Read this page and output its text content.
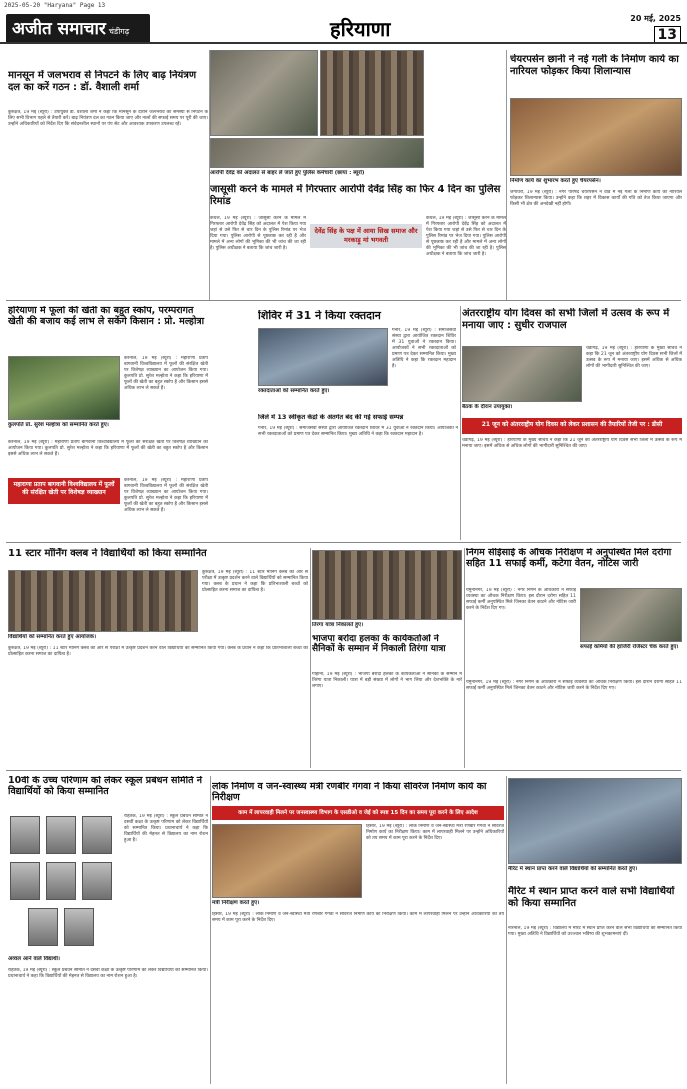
2025-05-20 "Haryana" Page 13
अजीत समाचार चंडीगढ़	हरियाणा	20 मई, 2025
13
मानसून में जलभराव से निपटने के लिए बाढ़ नियंत्रण दल का करें गठन : डॉ. वैशाली शर्मा
कुरुक्षेत्र, 19 मई (ब्यूरो) : उपायुक्त डॉ. वैशाली शर्मा ने कहा कि मानसून के दौरान जलभराव की समस्या से निपटने के लिए सभी विभाग पहले से तैयारी करें। बाढ़ नियंत्रण दल का गठन किया जाए और नालों की सफाई समय पर पूरी की जाए। उन्होंने अधिकारियों को निर्देश दिए कि संवेदनशील स्थानों पर पंप सेट और आवश्यक उपकरण उपलब्ध रहें।
आरोपी देवेंद्र को अदालत से बाहर ले जाते हुए पुलिस कर्मचारी (छाया : ब्यूरो)
चेयरपर्सन छानी ने नई गली के निर्माण कार्य का नारियल फोड़कर किया शिलान्यास
निर्माण कार्य का शुभारंभ करते हुए चेयरपर्सन।
जगाधरी, 19 मई (ब्यूरो) : नगर परिषद चेयरपर्सन ने वार्ड में नई गली के निर्माण कार्य का नारियल फोड़कर शिलान्यास किया। उन्होंने कहा कि शहर में विकास कार्यों की गति को तेज किया जाएगा और किसी भी क्षेत्र की अनदेखी नहीं होगी।
जासूसी करने के मामले में गिरफ्तार आरोपी देवेंद्र सिंह का फिर 4 दिन का पुलिस रिमांड
कैथल, 19 मई (ब्यूरो) : जासूसी करने के मामले में गिरफ्तार आरोपी देवेंद्र सिंह को अदालत में पेश किया गया जहां से उसे फिर से चार दिन के पुलिस रिमांड पर भेज दिया गया। पुलिस आरोपी से पूछताछ कर रही है और मामले में अन्य लोगों की भूमिका की भी जांच की जा रही है। पुलिस अधीक्षक ने बताया कि जांच जारी है।
देवेंद्र सिंह के पक्ष में आया सिख समाज और मरकाड़ू मां भगवती
कैथल, 19 मई (ब्यूरो) : जासूसी करने के मामले में गिरफ्तार आरोपी देवेंद्र सिंह को अदालत में पेश किया गया जहां से उसे फिर से चार दिन के पुलिस रिमांड पर भेज दिया गया। पुलिस आरोपी से पूछताछ कर रही है और मामले में अन्य लोगों की भूमिका की भी जांच की जा रही है। पुलिस अधीक्षक ने बताया कि जांच जारी है।
हरियाणा में फूलों की खेती का बहुत स्कोप, परम्परागत खेती की बजाय कई लाभ ले सकेंगे किसान : प्रो. मल्होत्रा
करनाल, 19 मई (ब्यूरो) : महाराणा प्रताप बागवानी विश्वविद्यालय में फूलों की संरक्षित खेती पर विशेषज्ञ व्याख्यान का आयोजन किया गया। कुलपति प्रो. सुरेश मल्होत्रा ने कहा कि हरियाणा में फूलों की खेती का बहुत स्कोप है और किसान इससे अधिक लाभ ले सकते हैं।
कुलपति प्रो. सुरेश मल्होत्रा को सम्मानित करते हुए।
महाराणा प्रताप बागवानी विश्वविद्यालय में फूलों की संरक्षित खेती पर विशेषज्ञ व्याख्यान
करनाल, 19 मई (ब्यूरो) : महाराणा प्रताप बागवानी विश्वविद्यालय में फूलों की संरक्षित खेती पर विशेषज्ञ व्याख्यान का आयोजन किया गया। कुलपति प्रो. सुरेश मल्होत्रा ने कहा कि हरियाणा में फूलों की खेती का बहुत स्कोप है और किसान इससे अधिक लाभ ले सकते हैं।
करनाल, 19 मई (ब्यूरो) : महाराणा प्रताप बागवानी विश्वविद्यालय में फूलों की संरक्षित खेती पर विशेषज्ञ व्याख्यान का आयोजन किया गया। कुलपति प्रो. सुरेश मल्होत्रा ने कहा कि हरियाणा में फूलों की खेती का बहुत स्कोप है और किसान इससे अधिक लाभ ले सकते हैं।
शिविर में 31 ने किया रक्तदान
गनौर, 19 मई (ब्यूरो) : समाजसेवी संस्था द्वारा आयोजित रक्तदान शिविर में 31 युवाओं ने रक्तदान किया। आयोजकों ने सभी रक्तदाताओं को प्रमाण पत्र देकर सम्मानित किया। मुख्य अतिथि ने कहा कि रक्तदान महादान है।
रक्तदाताओं को सम्मानित करते हुए।
जिले में 13 स्वीकृत केंद्रों के अंतर्गत बंद की गई सफाई सम्पन्न
गनौर, 19 मई (ब्यूरो) : समाजसेवी संस्था द्वारा आयोजित रक्तदान शिविर में 31 युवाओं ने रक्तदान किया। आयोजकों ने सभी रक्तदाताओं को प्रमाण पत्र देकर सम्मानित किया। मुख्य अतिथि ने कहा कि रक्तदान महादान है।
अंतरराष्ट्रीय योग दिवस को सभी जिलों में उत्सव के रूप में मनाया जाए : सुधीर राजपाल
बैठक के दौरान उपायुक्त।
21 जून को अंतरराष्ट्रीय योग दिवस को लेकर प्रशासन की तैयारियों तेजी पर : डीसी
चंडीगढ़, 19 मई (ब्यूरो) : हरियाणा के मुख्य सचिव ने कहा कि 21 जून को अंतरराष्ट्रीय योग दिवस सभी जिलों में उत्सव के रूप में मनाया जाए। इसमें अधिक से अधिक लोगों की भागीदारी सुनिश्चित की जाए।
चंडीगढ़, 19 मई (ब्यूरो) : हरियाणा के मुख्य सचिव ने कहा कि 21 जून को अंतरराष्ट्रीय योग दिवस सभी जिलों में उत्सव के रूप में मनाया जाए। इसमें अधिक से अधिक लोगों की भागीदारी सुनिश्चित की जाए।
11 स्टार मॉर्निंग क्लब ने विद्यार्थियों को किया सम्मानित
कुरुक्षेत्र, 19 मई (ब्यूरो) : 11 स्टार मॉर्निंग क्लब की ओर से परीक्षा में उत्कृष्ट प्रदर्शन करने वाले विद्यार्थियों को सम्मानित किया गया। क्लब के प्रधान ने कहा कि प्रतिभाशाली बच्चों को प्रोत्साहित करना समाज का दायित्व है।
विद्यार्थियों को सम्मानित करते हुए आयोजक।
कुरुक्षेत्र, 19 मई (ब्यूरो) : 11 स्टार मॉर्निंग क्लब की ओर से परीक्षा में उत्कृष्ट प्रदर्शन करने वाले विद्यार्थियों को सम्मानित किया गया। क्लब के प्रधान ने कहा कि प्रतिभाशाली बच्चों को प्रोत्साहित करना समाज का दायित्व है।
तिरंगा यात्रा निकालते हुए।
भाजपा बरोदा हलका के कार्यकर्ताओं ने सैनिकों के सम्मान में निकाली तिरंगा यात्रा
गोहाना, 19 मई (ब्यूरो) : भाजपा बरोदा हलका के कार्यकर्ताओं ने सैनिकों के सम्मान में तिरंगा यात्रा निकाली। यात्रा में बड़ी संख्या में लोगों ने भाग लिया और देशभक्ति के नारे लगाए।
निगम सीईसाई के औचक निरीक्षण में अनुपस्थित मिले दरोगा सहित 11 सफाई कर्मी, कटेगा वेतन, नोटिस जारी
यमुनानगर, 19 मई (ब्यूरो) : नगर निगम के अधिकारी ने सफाई व्यवस्था का औचक निरीक्षण किया। इस दौरान दरोगा सहित 11 सफाई कर्मी अनुपस्थित मिले जिनका वेतन काटने और नोटिस जारी करने के निर्देश दिए गए।
सफाई कर्मियों की हाजिरी रजिस्टर चेक करते हुए।
यमुनानगर, 19 मई (ब्यूरो) : नगर निगम के अधिकारी ने सफाई व्यवस्था का औचक निरीक्षण किया। इस दौरान दरोगा सहित 11 सफाई कर्मी अनुपस्थित मिले जिनका वेतन काटने और नोटिस जारी करने के निर्देश दिए गए।
10वीं के उच्च परिणाम को लेकर स्कूल प्रबंधन समिति ने विद्यार्थियों को किया सम्मानित
रोहतक, 19 मई (ब्यूरो) : स्कूल प्रबंधन समिति ने दसवीं कक्षा के उत्कृष्ट परिणाम को लेकर विद्यार्थियों को सम्मानित किया। प्रधानाचार्य ने कहा कि विद्यार्थियों की मेहनत से विद्यालय का नाम रोशन हुआ है।
अव्वल आने वाले विद्यार्थी।
रोहतक, 19 मई (ब्यूरो) : स्कूल प्रबंधन समिति ने दसवीं कक्षा के उत्कृष्ट परिणाम को लेकर विद्यार्थियों को सम्मानित किया। प्रधानाचार्य ने कहा कि विद्यार्थियों की मेहनत से विद्यालय का नाम रोशन हुआ है।
लोक निर्माण व जन-स्वास्थ्य मंत्री रणबीर गंगवा ने किया सीवरेज निर्माण कार्य का निरीक्षण
काम में लापरवाही मिलने पर जनस्वास्थ्य विभाग के एसडीओ व जेई को स्पष्ट 15 दिन का समय पूरा करने के लिए आदेश
मंत्री निरीक्षण करते हुए।
हिसार, 19 मई (ब्यूरो) : लोक निर्माण व जन-स्वास्थ्य मंत्री रणबीर गंगवा ने सीवरेज निर्माण कार्य का निरीक्षण किया। काम में लापरवाही मिलने पर उन्होंने अधिकारियों को तय समय में काम पूरा करने के निर्देश दिए।
हिसार, 19 मई (ब्यूरो) : लोक निर्माण व जन-स्वास्थ्य मंत्री रणबीर गंगवा ने सीवरेज निर्माण कार्य का निरीक्षण किया। काम में लापरवाही मिलने पर उन्होंने अधिकारियों को तय समय में काम पूरा करने के निर्देश दिए।
मैरिट में स्थान प्राप्त करने वाले विद्यार्थियों को सम्मानित करते हुए।
मैरिट में स्थान प्राप्त करने वाले सभी विद्यार्थियों को किया सम्मानित
नारनौल, 19 मई (ब्यूरो) : विद्यालय में मैरिट में स्थान प्राप्त करने वाले सभी विद्यार्थियों को सम्मानित किया गया। मुख्य अतिथि ने विद्यार्थियों को उज्ज्वल भविष्य की शुभकामनाएं दीं।
